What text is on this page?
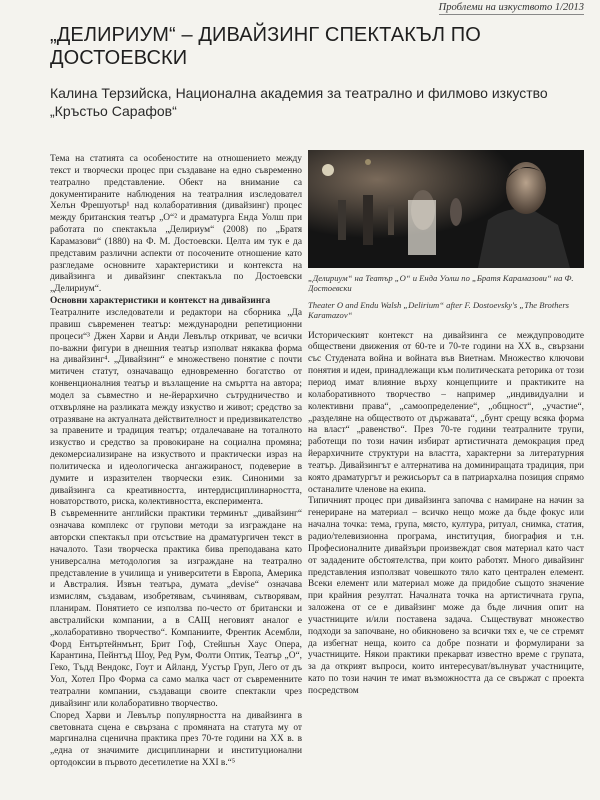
Проблеми на изкуството 1/2013
„ДЕЛИРИУМ“ – ДИВАЙЗИНГ СПЕКТАКЪЛ ПО ДОСТОЕВСКИ
Калина Терзийска, Национална академия за театрално и филмово изкуство „Кръстьо Сарафов“

Тема на статията са особеностите на отношението между текст и творчески процес при създаване на едно съвременно театрално представление. Обект на внимание са документираните наблюдения на театралния изследовател Хелън Фрешуотър¹ над колаборативния (дивайзинг) процес между британския театър „О“² и драматурга Енда Уолш при работата по спектакъла „Делириум“ (2008) по „Братя Карамазови“ (1880) на Ф. М. Достоевски. Целта им тук е да представим различни аспекти от посочените отношение като разгледаме основните характеристики и контекста на дивайзинга и дивайзинг спектакъла по Достоевски „Делириум“.

Основни характеристики и контекст на дивайзинга

Театралните изследователи и редактори на сборника „Да правиш съвременен театър: международни репетиционни процеси“³ Джен Харви и Анди Левълър откриват, че всички по-важни фигури в днешния театър изполват някаква форма на дивайзинг⁴. „Дивайзинг“ е множествено понятие с почти митичен статут, означаващо едновременно богатство от конвенционалния театър и възлащение на смъртта на автора; модел за съвместно и не-йерархично сътрудничество и отхвърляне на разликата между изкуство и живот; средство за отразяване на актуалната действителност и предизвикателство за правените и традиция театър; отдалечаване на тоталното изкуство и средство за провокиране на социална промяна; декомерсиализиране на изкуството и практически израз на политическа и идеологическа ангажираност, подеверие в думите и изразителен творчески език. Синоними за дивайзинга са креативността, интердисциплинарността, новаторството, риска, колективността, експеримента.

В съвременните английски практики терминът „дивайзинг“ означава комплекс от групови методи за изграждане на авторски спектакъл при отсъствие на драматургичен текст в началото. Тази творческа практика бива преподавана като универсална методология за изграждане на театрално представление в училища и университети в Европа, Америка и Австралия. Извън театъра, думата „devise“ означава измислям, създавам, изобретявам, съчинявам, сътворявам, планирам. Понятието се използва по-често от британски и австралийски компании, а в САЩ неговият аналог е „колаборативно творчество“. Компаниите, Френтик Асембли, Форд Ентъртейнмънт, Брит Гоф, Стейшън Хаус Опера, Карантина, Пейнтъд Шоу, Ред Рум, Фолти Оптик, Театър „О“, Геко, Тъдд Вендокс, Гоут и Айланд, Уустър Груп, Лего от дъ Уол, Хотел Про Форма са само малка част от съвременните театрални компании, създаващи своите спектакли чрез дивайзинг или колаборативно творчество.

Според Харви и Левълър популярността на дивайзинга в световната сцена е свързана с промяната на статута му от маргинална сценична практика през 70-те години на XX в. в „една от значимите дисциплинарни и институционални ортодоксии в първото десетилетие на XXI в.“⁵

„Делириум“ на Театър „О“ и Енда Уолш по „Братя Карамазови“ на Ф. Достоевски

Theater O and Endu Walsh „Delirium“ after F. Dostoevsky's „The Brothers Karamazov“

Историческият контекст на дивайзинга се междупроводите обществени движения от 60-те и 70-те години на XX в., свързани със Студената война и войната във Виетнам. Множество ключови понятия и идеи, принадлежащи към политическата реторика от този период имат влияние върху концепциите и практиките на колаборативното творчество – например „индивидуални и колективни права“, „самоопределение“, „общност“, „участие“, „разделяне на обществото от държавата“, „бунт срещу всяка форма на власт“ „равенство“. През 70-те години театралните трупи, работещи по този начин избират артистичната демокрация пред йерархичните структури на властта, характерни за литературния театър. Дивайзингът е алтернатива на доминиращата традиция, при която драматургът и режисьорът са в патриархална позиция спрямо останалите членове на екипа.

Типичният процес при дивайзинга започва с намиране на начин за генериране на материал – всичко нещо може да бъде фокус или начална точка: тема, група, място, култура, ритуал, снимка, статия, радио/телевизионна програма, институция, биография и т.н. Професионалните дивайзъри произвеждат своя материал като част от зададените обстоятелства, при които работят. Много дивайзинг представления използват човешкото тяло като централен елемент. Всеки елемент или материал може да придобие същото значение при крайния резултат. Началната точка на артистичната група, заложена от се е дивайзинг може да бъде личния опит на участниците и/или поставена задача. Съществуват множество подходи за започване, но обикновено за всички тях е, че се стремят да избегнат неща, които са добре познати и формулирани за участниците. Някои практики прекарват известно време с групата, за да открият въпроси, които интересуват/вълнуват участниците, като по този начин те имат възможността да се свържат с проекта посредством
